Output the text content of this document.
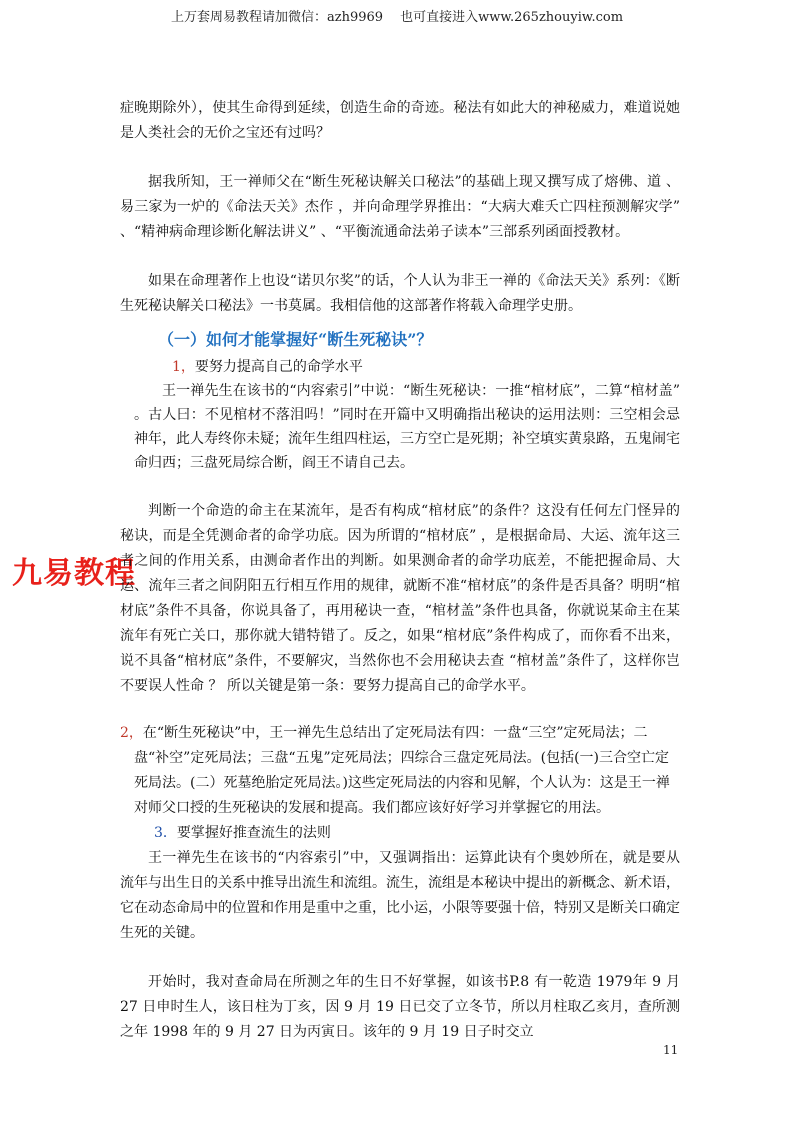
上万套周易教程请加微信：azh9969　 也可直接进入www.265zhouyiw.com
九易教程

症晚期除外），使其生命得到延续，创造生命的奇迹。秘法有如此大的神秘威力，难道说她是人类社会的无价之宝还有过吗？

据我所知，王一禅师父在“断生死秘诀解关口秘法”的基础上现又撰写成了熔佛、道 、易三家为一炉的《命法天关》杰作 ，并向命理学界推出：“大病大难夭亡四柱预测解灾学” 、“精神病命理诊断化解法讲义” 、“平衡流通命法弟子读本”三部系列函面授教材。

如果在命理著作上也设“诺贝尔奖”的话，个人认为非王一禅的《命法天关》系列：《断生死秘诀解关口秘法》一书莫属。我相信他的这部著作将载入命理学史册。

（一）如何才能掌握好“断生死秘诀”？
1，要努力提高自己的命学水平

王一禅先生在该书的“内容索引”中说：“断生死秘诀：一推“棺材底”，二算“棺材盖” 。古人曰：不见棺材不落泪吗！”同时在开篇中又明确指出秘诀的运用法则：三空相会忌神年，此人寿终你未疑；流年生组四柱运，三方空亡是死期；补空填实黄泉路，五鬼闹宅命归西；三盘死局综合断，阎王不请自己去。

判断一个命造的命主在某流年，是否有构成“棺材底”的条件？这没有任何左门怪异的秘诀，而是全凭测命者的命学功底。因为所谓的“棺材底” ，是根据命局、大运、流年这三者之间的作用关系，由测命者作出的判断。如果测命者的命学功底差，不能把握命局、大运、流年三者之间阴阳五行相互作用的规律，就断不准“棺材底”的条件是否具备？明明“棺材底”条件不具备，你说具备了，再用秘诀一查，“棺材盖”条件也具备，你就说某命主在某流年有死亡关口，那你就大错特错了。反之，如果“棺材底”条件构成了，而你看不出来，说不具备“棺材底”条件，不要解灾，当然你也不会用秘诀去查 “棺材盖”条件了，这样你岂不要误人性命 ？ 所以关键是第一条：要努力提高自己的命学水平。

2，在“断生死秘诀”中，王一禅先生总结出了定死局法有四：一盘“三空”定死局法；二盘“补空”定死局法；三盘“五鬼”定死局法；四综合三盘定死局法。(包括(一)三合空亡定死局法。(二）死墓绝胎定死局法。)这些定死局法的内容和见解，个人认为：这是王一禅对师父口授的生死秘诀的发展和提高。我们都应该好好学习并掌握它的用法。
3．要掌握好推查流生的法则

王一禅先生在该书的“内容索引”中，又强调指出：运算此诀有个奥妙所在，就是要从流年与出生日的关系中推导出流生和流组。流生，流组是本秘诀中提出的新概念、新术语，它在动态命局中的位置和作用是重中之重，比小运，小限等要强十倍，特别又是断关口确定生死的关键。

开始时，我对查命局在所测之年的生日不好掌握，如该书P.8 有一乾造 1979年 9 月 27 日申时生人，该日柱为丁亥，因 9 月 19 日已交了立冬节，所以月柱取乙亥月，查所测之年 1998 年的 9 月 27 日为丙寅日。该年的 9 月 19 日子时交立

11
